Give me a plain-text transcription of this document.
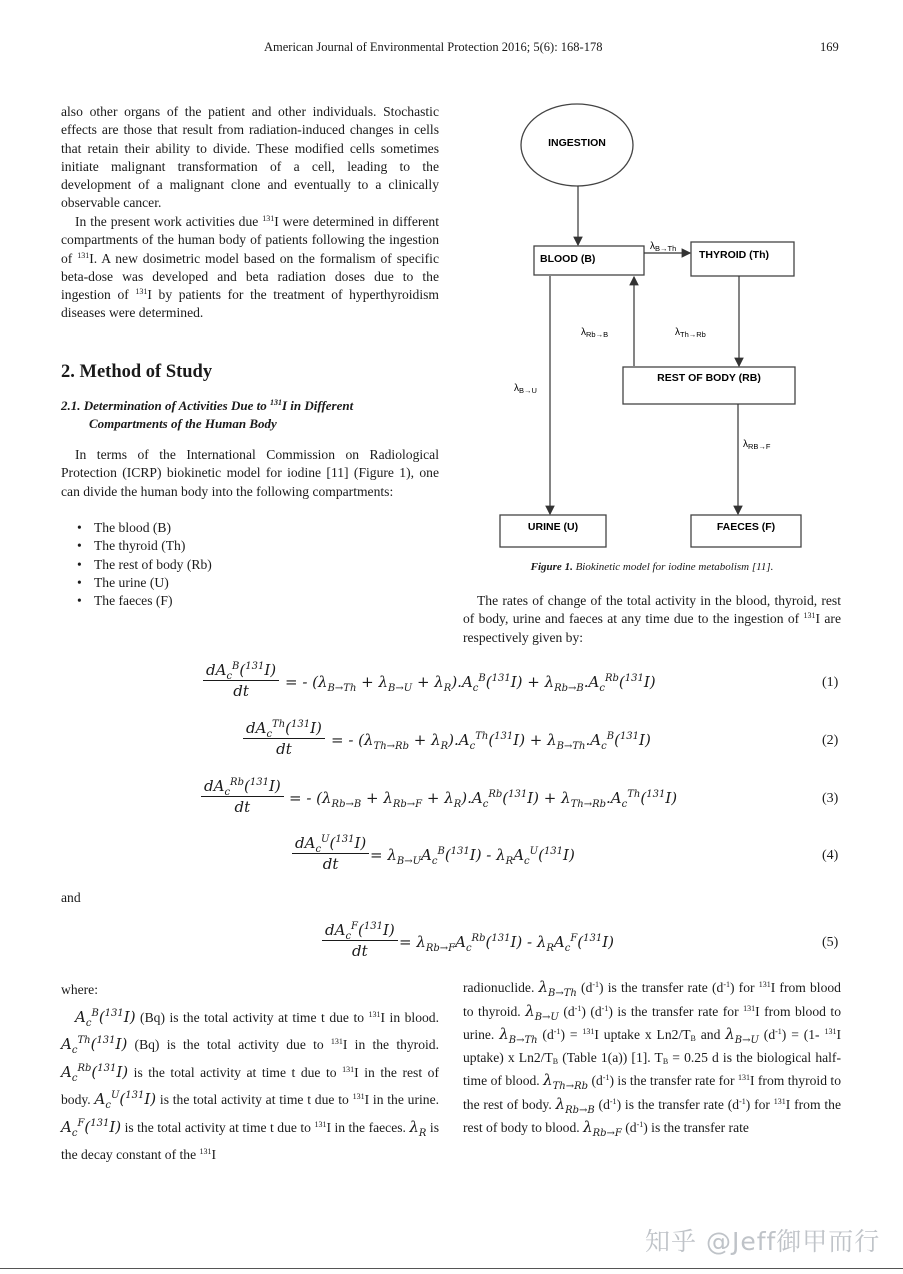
American Journal of Environmental Protection 2016; 5(6): 168-178	169
also other organs of the patient and other individuals. Stochastic effects are those that result from radiation-induced changes in cells that retain their ability to divide. These modified cells sometimes initiate malignant transformation of a cell, leading to the development of a malignant clone and eventually to a clinically observable cancer.
In the present work activities due $^{131}$I were determined in different compartments of the human body of patients following the ingestion of $^{131}$I. A new dosimetric model based on the formalism of specific beta-dose was developed and beta radiation doses due to the ingestion of $^{131}$I by patients for the treatment of hyperthyroidism diseases were determined.
2. Method of Study
2.1. Determination of Activities Due to $^{131}$I in Different
Compartments of the Human Body
In terms of the International Commission on Radiological Protection (ICRP) biokinetic model for iodine [11] (Figure 1), one can divide the human body into the following compartments:
• The blood (B)
• The thyroid (Th)
• The rest of body (Rb)
• The urine (U)
• The faeces (F)
INGESTION
BLOOD (B)	THYROID (Th)
$\lambda_{B\to Th}$
REST OF BODY (RB)
$\lambda_{Rb\to B}$	$\lambda_{Th\to Rb}$
$\lambda_{B\to U}$
$\lambda_{RB\to F}$
URINE (U)	FAECES (F)
Figure 1. Biokinetic model for iodine metabolism [11].
The rates of change of the total activity in the blood, thyroid, rest of body, urine and faeces at any time due to the ingestion of $^{131}$I are respectively given by:
$dA_c^B(^{131}I)$
dt	= - $(\lambda_{B\to Th} + \lambda_{B\to U} + \lambda_R).A_c^B(^{131}I) + \lambda_{Rb\to B}.A_c^{Rb}(^{131}I)$	(1)
$dA_c^{Th}(^{131}I)$
dt	= - $(\lambda_{Th\to Rb} + \lambda_R).A_c^{Th}(^{131}I) + \lambda_{B\to Th}.A_c^B(^{131}I)$	(2)
$dA_c^{Rb}(^{131}I)$
dt	= - $(\lambda_{Rb\to B} + \lambda_{Rb\to F} + \lambda_R).A_c^{Rb}(^{131}I) + \lambda_{Th\to Rb}.A_c^{Th}(^{131}I)$	(3)
$dA_c^U(^{131}I)$
dt	= $\lambda_{B\to U}A_c^B(^{131}I) - \lambda_RA_c^U(^{131}I)$	(4)
$dA_c^F(^{131}I)$
dt	= $\lambda_{Rb\to F}A_c^{Rb}(^{131}I) - \lambda_RA_c^F(^{131}I)$	(5)
and
where:
$A_c^B(^{131}I)$ (Bq) is the total activity at time t due to $^{131}$I in blood. $A_c^{Th}(^{131}I)$ (Bq) is the total activity due to $^{131}$I in the thyroid. $A_c^{Rb}(^{131}I)$ is the total activity at time t due to $^{131}$I in the rest of body. $A_c^U(^{131}I)$ is the total activity at time t due to $^{131}$I in the urine. $A_c^F(^{131}I)$ is the total activity at time t due to $^{131}$I in the faeces. $\lambda_R$ is the decay constant of the $^{131}$I
radionuclide. $\lambda_{B\to Th}$ $(d^{-1})$ is the transfer rate $(d^{-1})$ for $^{131}$I from blood to thyroid. $\lambda_{B\to U}$ $(d^{-1})$ $(d^{-1})$ is the transfer rate for $^{131}$I from blood to urine. $\lambda_{B\to Th}$ $(d^{-1}) = ^{131}I$ uptake x $Ln2/T_B$ and $\lambda_{B\to U}$ $(d^{-1}) = (1-$ $^{131}$I uptake) x $Ln2/T_B$ (Table 1(a)) [1]. $T_B = 0.25$ d is the biological half-time of blood. $\lambda_{Th\to Rb}$ $(d^{-1})$ is the transfer rate for $^{131}$I from thyroid to the rest of body. $\lambda_{Rb\to B}$ $(d^{-1})$ is the transfer rate $(d^{-1})$ for $^{131}$I from the rest of body to blood. $\lambda_{Rb\to F}$ $(d^{-1})$ is the transfer rate
知乎 @Jeff御甲而行
